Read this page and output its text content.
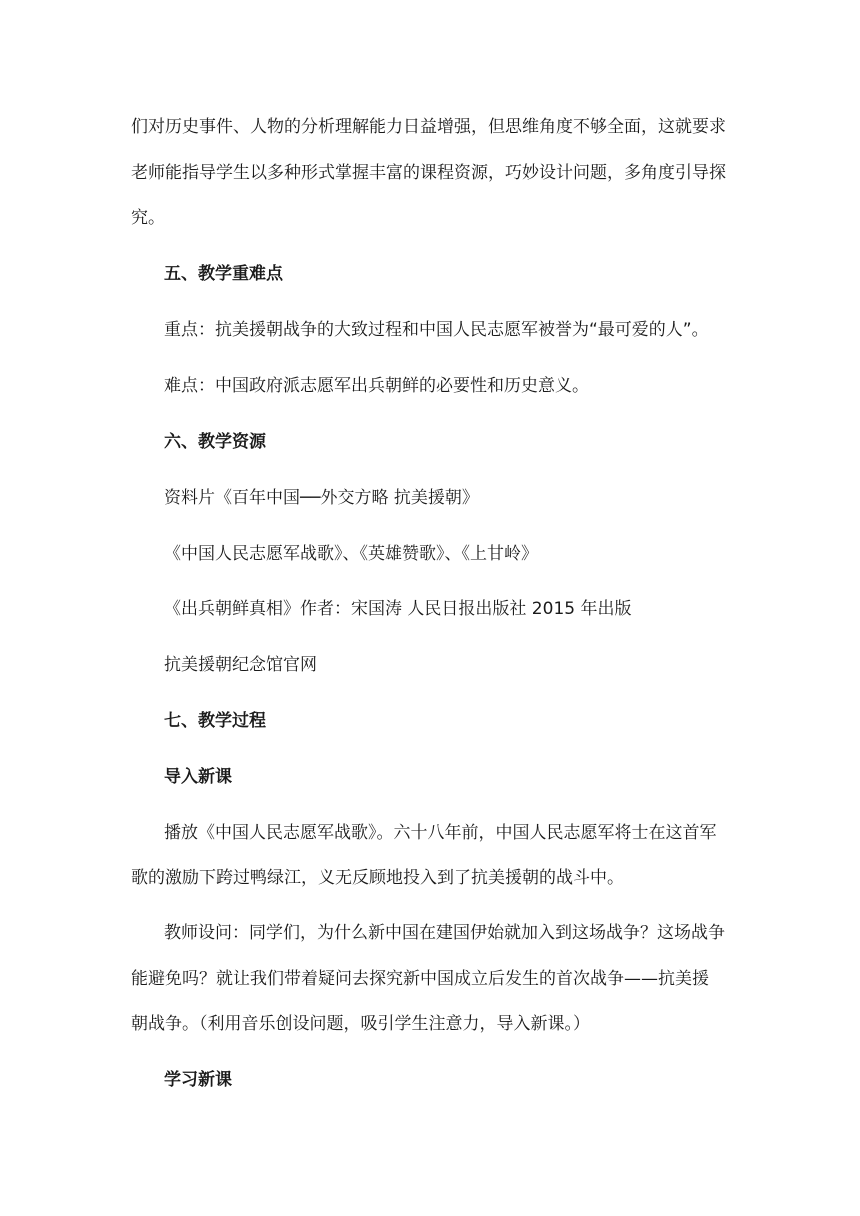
们对历史事件、人物的分析理解能力日益增强，但思维角度不够全面，这就要求
老师能指导学生以多种形式掌握丰富的课程资源，巧妙设计问题，多角度引导探
究。
五、教学重难点
重点：抗美援朝战争的大致过程和中国人民志愿军被誉为“最可爱的人”。
难点：中国政府派志愿军出兵朝鲜的必要性和历史意义。
六、教学资源
资料片《百年中国──外交方略 抗美援朝》
《中国人民志愿军战歌》、《英雄赞歌》、《上甘岭》
《出兵朝鲜真相》作者：宋国涛 人民日报出版社 2015 年出版
抗美援朝纪念馆官网
七、教学过程
导入新课
播放《中国人民志愿军战歌》。六十八年前，中国人民志愿军将士在这首军
歌的激励下跨过鸭绿江，义无反顾地投入到了抗美援朝的战斗中。
教师设问：同学们，为什么新中国在建国伊始就加入到这场战争？这场战争
能避免吗？就让我们带着疑问去探究新中国成立后发生的首次战争——抗美援
朝战争。（利用音乐创设问题，吸引学生注意力，导入新课。）
学习新课
